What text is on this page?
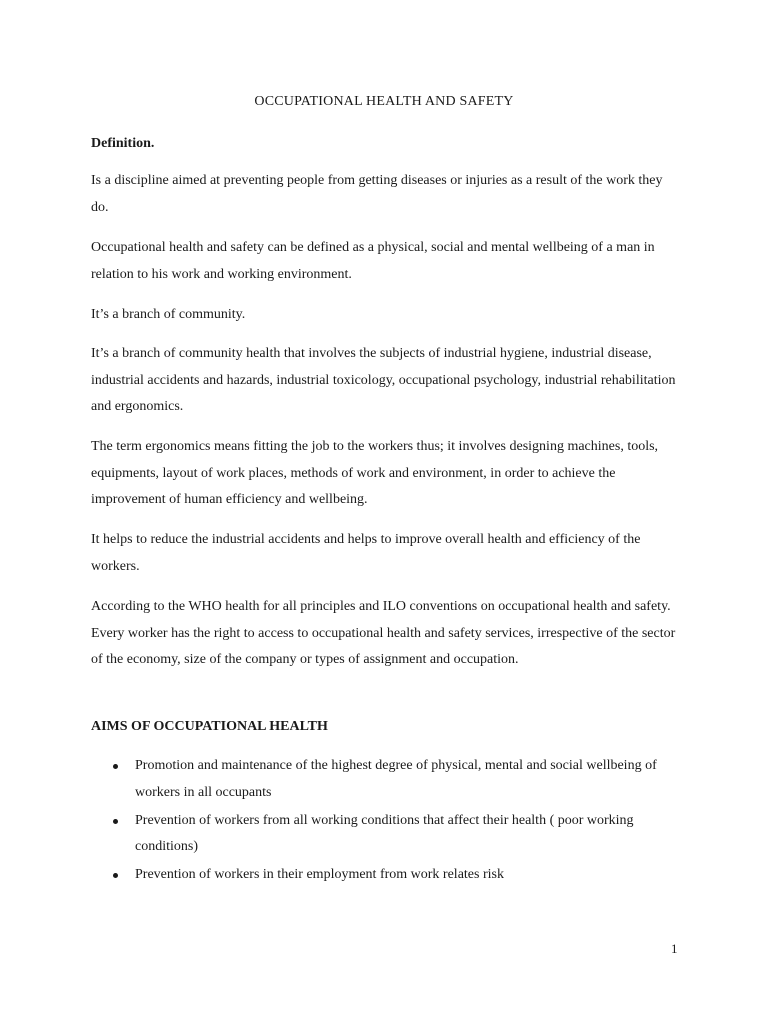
OCCUPATIONAL HEALTH AND SAFETY
Definition.
Is a discipline aimed at preventing people from getting diseases or injuries as a result of the work they do.
Occupational health and safety can be defined as a physical, social and mental wellbeing of a man in relation to his work and working environment.
It’s a branch of community.
It’s a branch of community health that involves the subjects of industrial hygiene, industrial disease, industrial accidents and hazards, industrial toxicology, occupational psychology, industrial rehabilitation and ergonomics.
The term ergonomics means fitting the job to the workers thus; it involves designing machines, tools, equipments, layout of work places, methods of work and environment, in order to achieve the improvement of human efficiency and wellbeing.
It helps to reduce the industrial accidents and helps to improve overall health and efficiency of the workers.
According to the WHO health for all principles and ILO conventions on occupational health and safety. Every worker has the right to access to occupational health and safety services, irrespective of the sector of the economy, size of the company or types of assignment and occupation.
AIMS OF OCCUPATIONAL HEALTH
Promotion and maintenance of the highest degree of physical, mental and social wellbeing of workers in all occupants
Prevention of workers from all working conditions that affect their health ( poor working conditions)
Prevention of workers in their employment from work relates risk
1
